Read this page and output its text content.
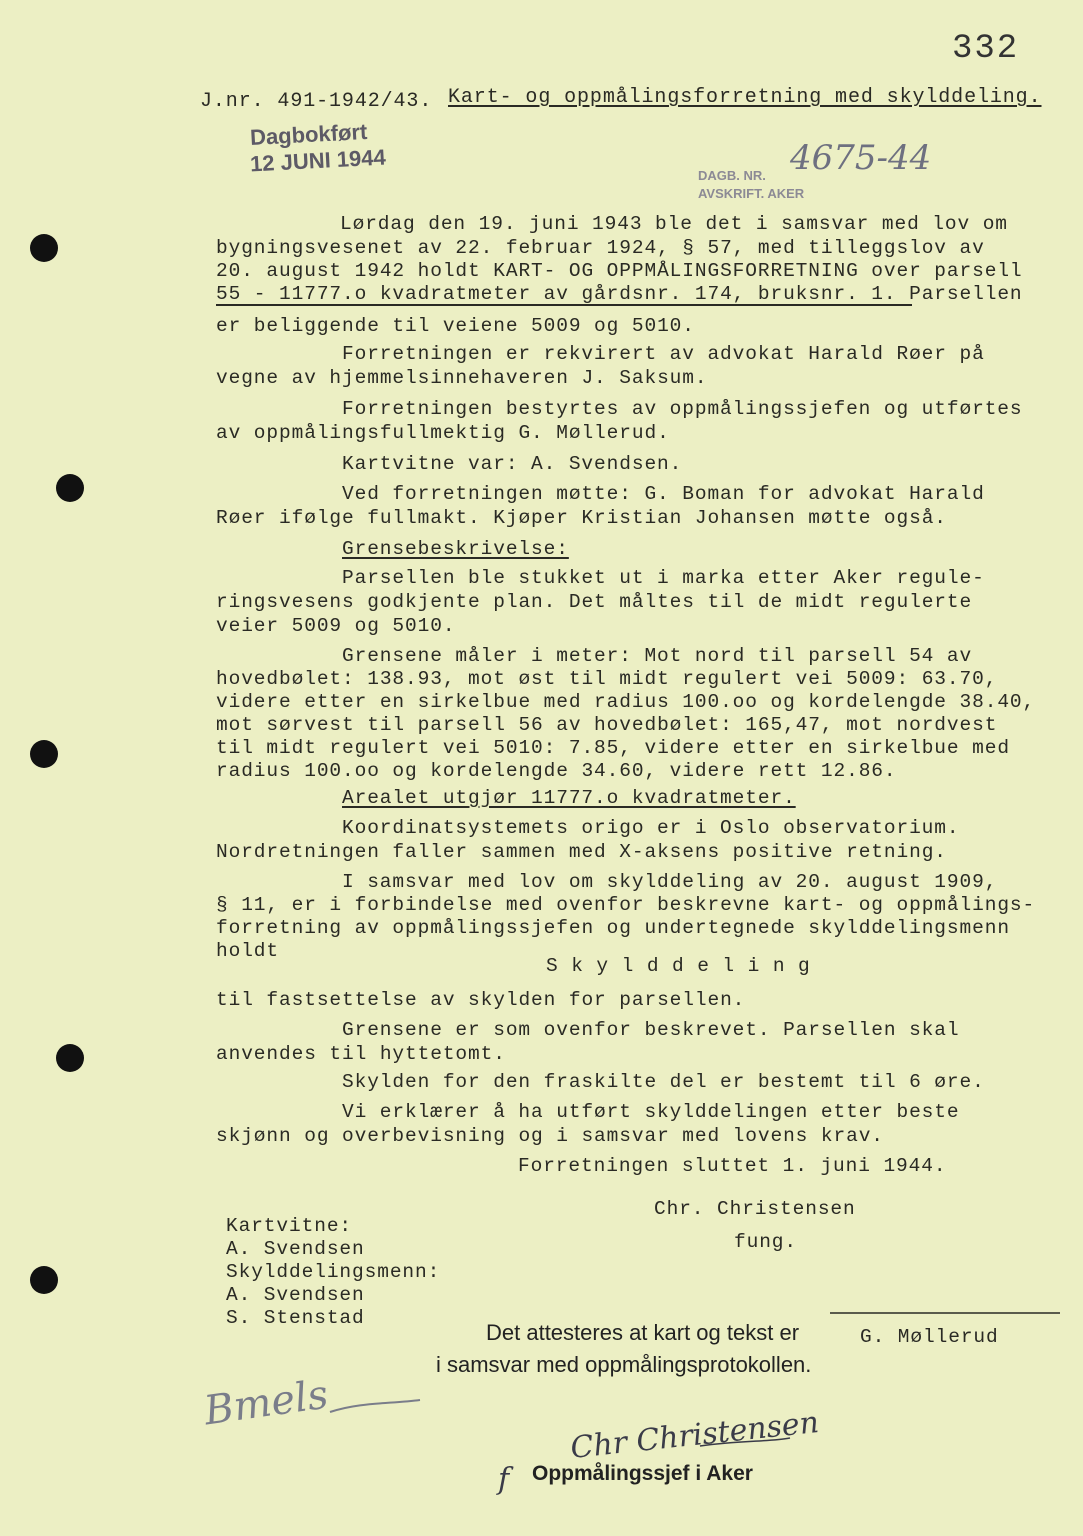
332
J.nr. 491-1942/43. Kart- og oppmålingsforretning med skylddeling.
Dagbokført
12 JUNI 1944	DAGB. NR. 4675-44
AVSKRIFT. AKER
Lørdag den 19. juni 1943 ble det i samsvar med lov om
bygningsvesenet av 22. februar 1924, § 57, med tilleggslov av
20. august 1942 holdt KART- OG OPPMÅLINGSFORRETNING over parsell
55 - 11777.o kvadratmeter av gårdsnr. 174, bruksnr. 1. Parsellen
er beliggende til veiene 5009 og 5010.
Forretningen er rekvirert av advokat Harald Røer på
vegne av hjemmelsinnehaveren J. Saksum.
Forretningen bestyrtes av oppmålingssjefen og utførtes
av oppmålingsfullmektig G. Møllerud.
Kartvitne var: A. Svendsen.
Ved forretningen møtte: G. Boman for advokat Harald
Røer ifølge fullmakt. Kjøper Kristian Johansen møtte også.
Grensebeskrivelse:
Parsellen ble stukket ut i marka etter Aker regule-
ringsvesens godkjente plan. Det måltes til de midt regulerte
veier 5009 og 5010.
Grensene måler i meter: Mot nord til parsell 54 av
hovedbølet: 138.93, mot øst til midt regulert vei 5009: 63.70,
videre etter en sirkelbue med radius 100.oo og kordelengde 38.40,
mot sørvest til parsell 56 av hovedbølet: 165,47, mot nordvest
til midt regulert vei 5010: 7.85, videre etter en sirkelbue med
radius 100.oo og kordelengde 34.60, videre rett 12.86.
Arealet utgjør 11777.o kvadratmeter.
Koordinatsystemets origo er i Oslo observatorium.
Nordretningen faller sammen med X-aksens positive retning.
I samsvar med lov om skylddeling av 20. august 1909,
§ 11, er i forbindelse med ovenfor beskrevne kart- og oppmålings-
forretning av oppmålingssjefen og undertegnede skylddelingsmenn
holdt
S k y l d d e l i n g
til fastsettelse av skylden for parsellen.
Grensene er som ovenfor beskrevet. Parsellen skal
anvendes til hyttetomt.
Skylden for den fraskilte del er bestemt til 6 øre.
Vi erklærer å ha utført skylddelingen etter beste
skjønn og overbevisning og i samsvar med lovens krav.
Forretningen sluttet 1. juni 1944.
Chr. Christensen
fung.
Kartvitne:
A. Svendsen
Skylddelingsmenn:
A. Svendsen
S. Stenstad
Det attesteres at kart og tekst er	G. Møllerud
i samsvar med oppmålingsprotokollen.
Oppmålingssjef i Aker
Bmels
Chr Christensen
f
